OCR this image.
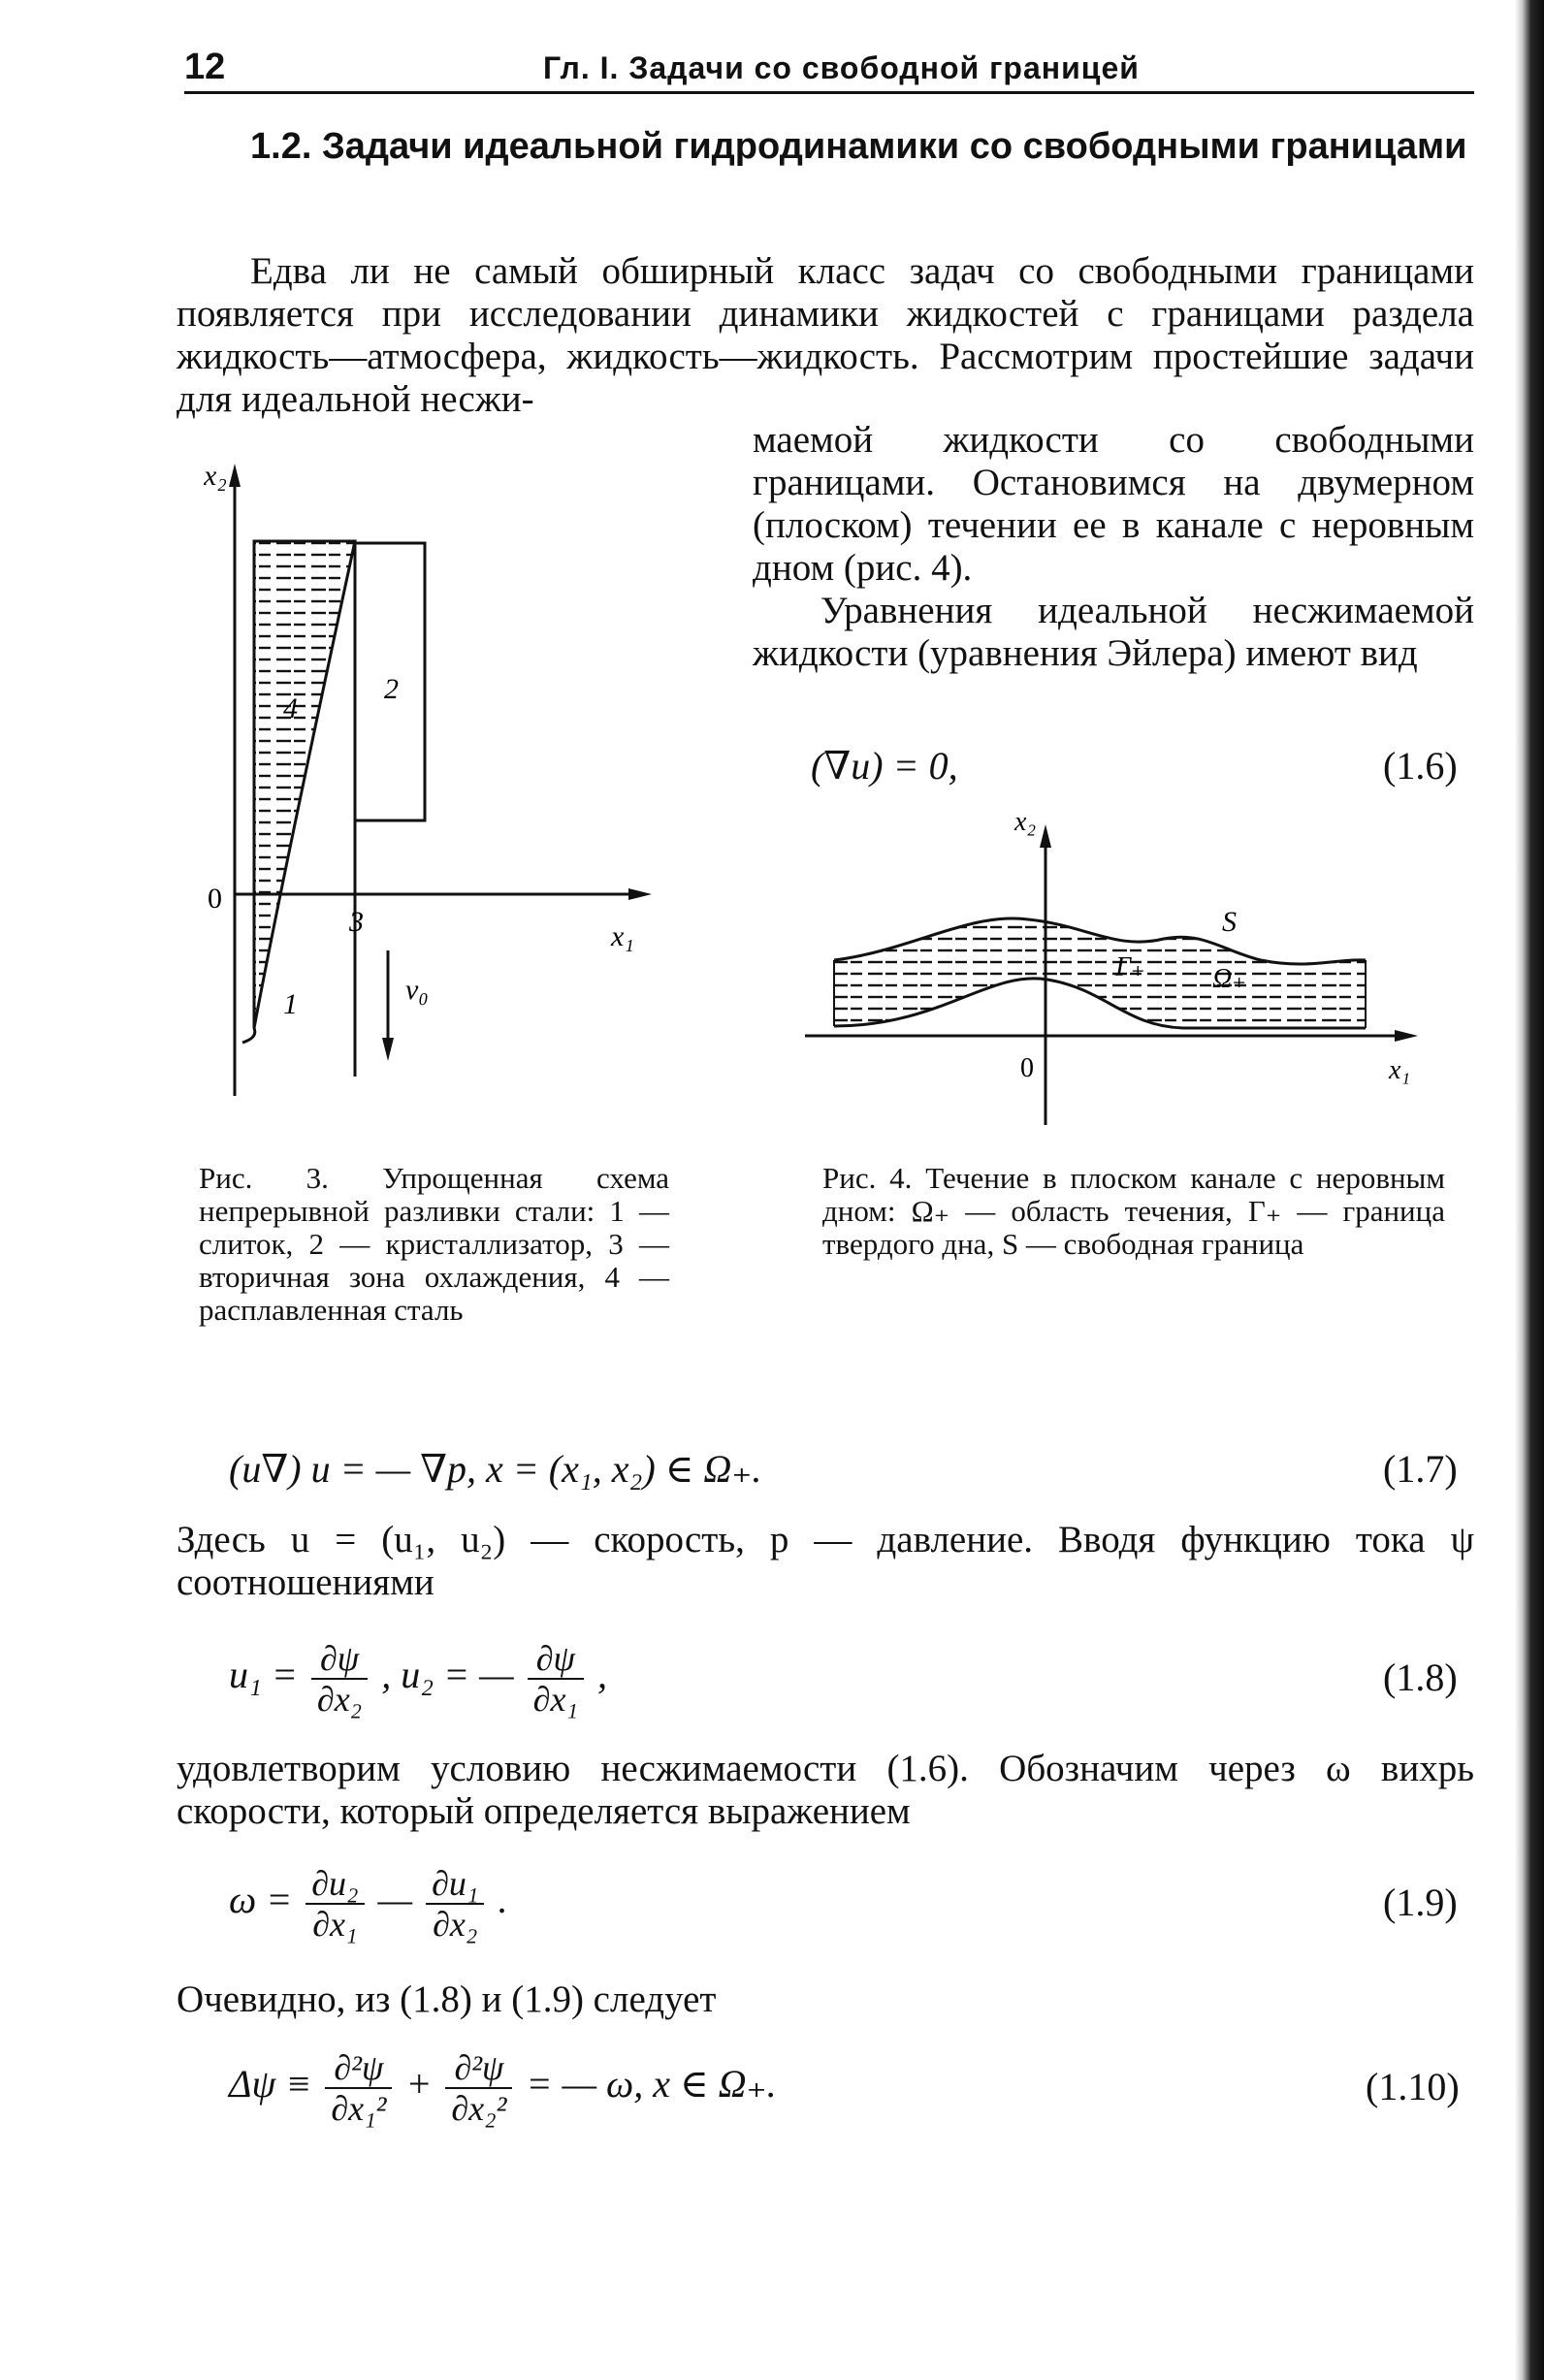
12	Гл. I. Задачи со свободной границей
1.2. Задачи идеальной гидродинамики со свободными границами

Едва ли не самый обширный класс задач со свободными границами появляется при исследовании динамики жидкостей с границами раздела жидкость—атмосфера, жидкость—жидкость. Рассмотрим простейшие задачи для идеальной несжи-

маемой жидкости со свободными границами. Остановимся на двумерном (плоском) течении ее в канале с неровным дном (рис. 4).

Уравнения идеальной несжимаемой жидкости (уравнения Эйлера) имеют вид

(∇u) = 0,	(1.6)
x₂
x₁
0
1
2
3
4
v₀
x₂
x₁
0
S
Ω₊
Γ₊
Рис. 3. Упрощенная схема непрерывной разливки стали: 1 — слиток, 2 — кристаллизатор, 3 — вторичная зона охлаждения, 4 — расплавленная сталь
Рис. 4. Течение в плоском канале с неровным дном: Ω₊ — область течения, Γ₊ — граница твердого дна, S — свободная граница
(u∇) u = — ∇p, x = (x₁, x₂) ∈ Ω₊.	(1.7)

Здесь u = (u₁, u₂) — скорость, p — давление. Вводя функцию тока ψ соотношениями

$u_1 = \frac{\partial\psi}{\text{∂x₂}}$ , u₂ = — $\frac{\partial\psi}{\text{∂x₁}}$ ,	(1.8)

удовлетворим условию несжимаемости (1.6). Обозначим через ω вихрь скорости, который определяется выражением

$\omega = \frac{\text{∂u₂}}{\text{∂x₁}}$ — $\frac{\text{∂u₁}}{\text{∂x₂}}$ .	(1.9)

Очевидно, из (1.8) и (1.9) следует

$\Delta\psi \equiv \frac{\text{∂²ψ}}{\text{∂x₁²}} + \frac{\text{∂²ψ}}{\text{∂x₂²}}$ = — ω, x ∈ Ω₊.	(1.10)
